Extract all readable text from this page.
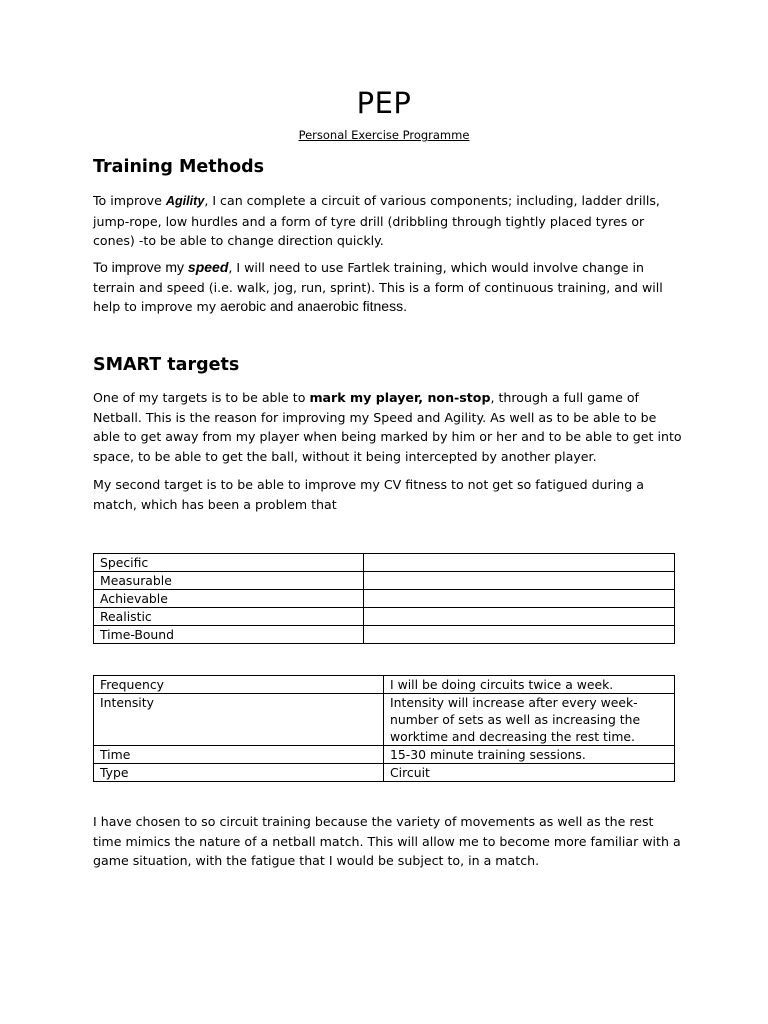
PEP

Personal Exercise Programme

Training Methods

To improve Agility, I can complete a circuit of various components; including, ladder drills, jump-rope, low hurdles and a form of tyre drill (dribbling through tightly placed tyres or cones) -to be able to change direction quickly.

To improve my speed, I will need to use Fartlek training, which would involve change in terrain and speed (i.e. walk, jog, run, sprint). This is a form of continuous training, and will help to improve my aerobic and anaerobic fitness.

SMART targets

One of my targets is to be able to mark my player, non-stop, through a full game of Netball. This is the reason for improving my Speed and Agility. As well as to be able to be able to get away from my player when being marked by him or her and to be able to get into space, to be able to get the ball, without it being intercepted by another player.

My second target is to be able to improve my CV fitness to not get so fatigued during a match, which has been a problem that

Specific	
Measurable	
Achievable	
Realistic	
Time-Bound	
Frequency	I will be doing circuits twice a week.
Intensity	Intensity will increase after every week- number of sets as well as increasing the worktime and decreasing the rest time.
Time	15-30 minute training sessions.
Type	Circuit

I have chosen to so circuit training because the variety of movements as well as the rest time mimics the nature of a netball match. This will allow me to become more familiar with a game situation, with the fatigue that I would be subject to, in a match.
